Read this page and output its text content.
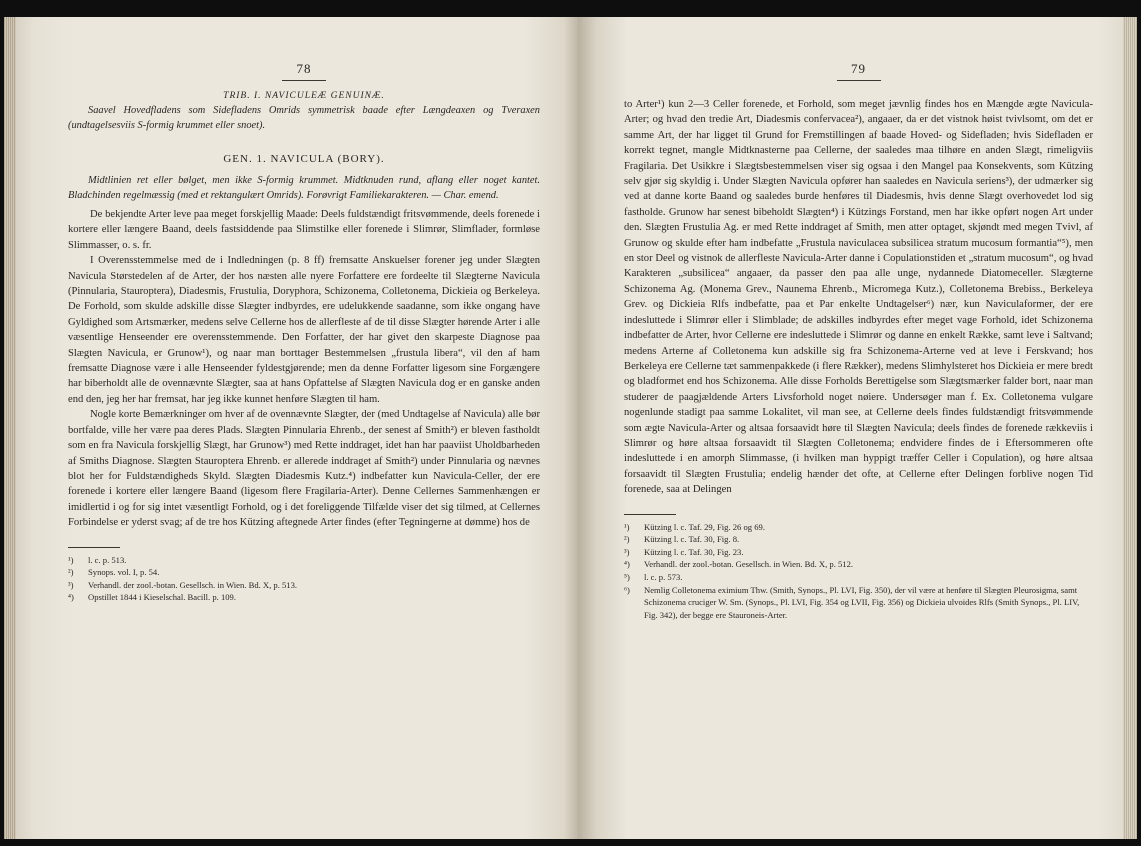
78
TRIB. I. NAVICULEÆ GENUINÆ.

Saavel Hovedfladens som Sidefladens Omrids symmetrisk baade efter Længdeaxen og Tveraxen (undtagelsesviis S-formig krummet eller snoet).

GEN. 1. NAVICULA (BORY).

Midtlinien ret eller bølget, men ikke S-formig krummet. Midtknuden rund, aflang eller noget kantet. Bladchinden regelmæssig (med et rektangulært Omrids). Forøvrigt Familiekarakteren. — Char. emend.

De bekjendte Arter leve paa meget forskjellig Maade: Deels fuldstændigt fritsvømmende, deels forenede i kortere eller længere Baand, deels fastsiddende paa Slimstilke eller forenede i Slimrør, Slimflader, formløse Slimmasser, o. s. fr.

I Overensstemmelse med de i Indledningen (p. 8 ff) fremsatte Anskuelser forener jeg under Slægten Navicula Størstedelen af de Arter, der hos næsten alle nyere Forfattere ere fordeelte til Slægterne Navicula (Pinnularia, Stauroptera), Diadesmis, Frustulia, Doryphora, Schizonema, Colletonema, Dickieia og Berkeleya. De Forhold, som skulde adskille disse Slægter indbyrdes, ere udelukkende saadanne, som ikke ongang have Gyldighed som Artsmærker, medens selve Cellerne hos de allerfleste af de til disse Slægter hørende Arter i alle væsentlige Henseender ere overensstemmende. Den Forfatter, der har givet den skarpeste Diagnose paa Slægten Navicula, er Grunow¹), og naar man borttager Bestemmelsen „frustula libera“, vil den af ham fremsatte Diagnose være i alle Henseender fyldestgjørende; men da denne Forfatter ligesom sine Forgængere har biberholdt alle de ovennævnte Slægter, saa at hans Opfattelse af Slægten Navicula dog er en ganske anden end den, jeg her har fremsat, har jeg ikke kunnet henføre Slægten til ham.

Nogle korte Bemærkninger om hver af de ovennævnte Slægter, der (med Undtagelse af Navicula) alle bør bortfalde, ville her være paa deres Plads. Slægten Pinnularia Ehrenb., der senest af Smith²) er bleven fastholdt som en fra Navicula forskjellig Slægt, har Grunow³) med Rette inddraget, idet han har paaviist Uholdbarheden af Smiths Diagnose. Slægten Stauroptera Ehrenb. er allerede inddraget af Smith²) under Pinnularia og nævnes blot her for Fuldstændigheds Skyld. Slægten Diadesmis Kutz.⁴) indbefatter kun Navicula-Celler, der ere forenede i kortere eller længere Baand (ligesom flere Fragilaria-Arter). Denne Cellernes Sammenhængen er imidlertid i og for sig intet væsentligt Forhold, og i det foreliggende Tilfælde viser det sig tilmed, at Cellernes Forbindelse er yderst svag; af de tre hos Kützing aftegnede Arter findes (efter Tegningerne at dømme) hos de

¹)	l. c. p. 513.
²)	Synops. vol. I, p. 54.
³)	Verhandl. der zool.-botan. Gesellsch. in Wien. Bd. X, p. 513.
⁴)	Opstillet 1844 i Kieselschal. Bacill. p. 109.
79

to Arter¹) kun 2—3 Celler forenede, et Forhold, som meget jævnlig findes hos en Mængde ægte Navicula-Arter; og hvad den tredie Art, Diadesmis confervacea²), angaaer, da er det vistnok høist tvivlsomt, om det er samme Art, der har ligget til Grund for Fremstillingen af baade Hoved- og Sidefladen; hvis Sidefladen er korrekt tegnet, mangle Midtknasterne paa Cellerne, der saaledes maa tilhøre en anden Slægt, rimeligviis Fragilaria. Det Usikkre i Slægtsbestemmelsen viser sig ogsaa i den Mangel paa Konsekvents, som Kützing selv gjør sig skyldig i. Under Slægten Navicula opfører han saaledes en Navicula seriens³), der udmærker sig ved at danne korte Baand og saaledes burde henføres til Diadesmis, hvis denne Slægt overhovedet lod sig fastholde. Grunow har senest bibeholdt Slægten⁴) i Kützings Forstand, men har ikke opført nogen Art under den. Slægten Frustulia Ag. er med Rette inddraget af Smith, men atter optaget, skjøndt med megen Tvivl, af Grunow og skulde efter ham indbefatte „Frustula naviculacea subsilicea stratum mucosum formantia“⁵), men en stor Deel og vistnok de allerfleste Navicula-Arter danne i Copulationstiden et „stratum mucosum“, og hvad Karakteren „subsilicea“ angaaer, da passer den paa alle unge, nydannede Diatomeceller. Slægterne Schizonema Ag. (Monema Grev., Naunema Ehrenb., Micromega Kutz.), Colletonema Brebiss., Berkeleya Grev. og Dickieia Rlfs indbefatte, paa et Par enkelte Undtagelser⁶) nær, kun Naviculaformer, der ere indesluttede i Slimrør eller i Slimblade; de adskilles indbyrdes efter meget vage Forhold, idet Schizonema indbefatter de Arter, hvor Cellerne ere indesluttede i Slimrør og danne en enkelt Række, samt leve i Saltvand; medens Arterne af Colletonema kun adskille sig fra Schizonema-Arterne ved at leve i Ferskvand; hos Berkeleya ere Cellerne tæt sammenpakkede (i flere Rækker), medens Slimhylsteret hos Dickieia er mere bredt og bladformet end hos Schizonema. Alle disse Forholds Berettigelse som Slægtsmærker falder bort, naar man studerer de paagjældende Arters Livsforhold noget nøiere. Undersøger man f. Ex. Colletonema vulgare nogenlunde stadigt paa samme Lokalitet, vil man see, at Cellerne deels findes fuldstændigt fritsvømmende som ægte Navicula-Arter og altsaa forsaavidt høre til Slægten Navicula; deels findes de forenede rækkeviis i Slimrør og høre altsaa forsaavidt til Slægten Colletonema; endvidere findes de i Eftersommeren ofte indesluttede i en amorph Slimmasse, (i hvilken man hyppigt træffer Celler i Copulation), og høre altsaa forsaavidt til Slægten Frustulia; endelig hænder det ofte, at Cellerne efter Delingen forblive nogen Tid forenede, saa at Delingen

¹)	Kützing l. c. Taf. 29, Fig. 26 og 69.
²)	Kützing l. c. Taf. 30, Fig. 8.
³)	Kützing l. c. Taf. 30, Fig. 23.
⁴)	Verhandl. der zool.-botan. Gesellsch. in Wien. Bd. X, p. 512.
⁵)	l. c. p. 573.
⁶)	Nemlig Colletonema eximium Thw. (Smith, Synops., Pl. LVI, Fig. 350), der vil være at henføre til Slægten Pleurosigma, samt Schizonema cruciger W. Sm. (Synops., Pl. LVI, Fig. 354 og LVII, Fig. 356) og Dickieia ulvoides Rlfs (Smith Synops., Pl. LIV, Fig. 342), der begge ere Stauroneis-Arter.
